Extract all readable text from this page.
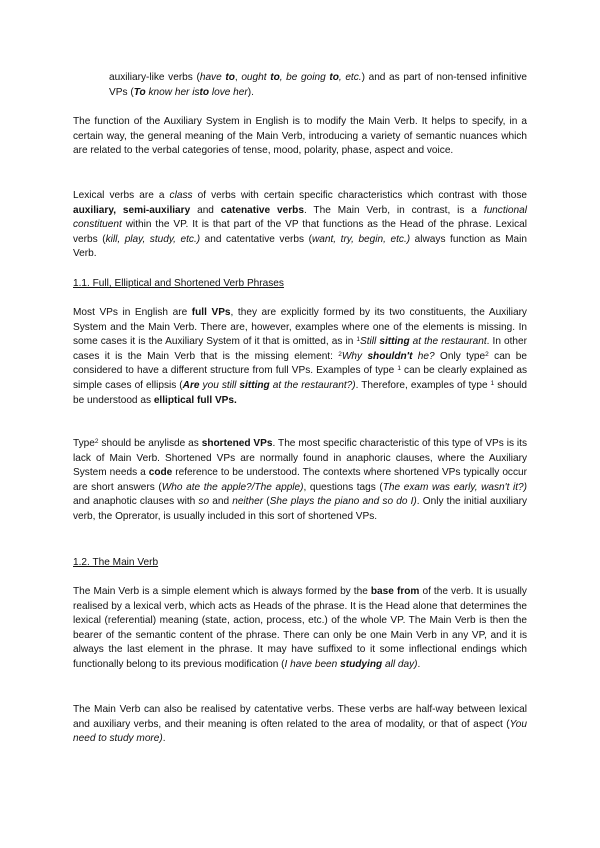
auxiliary-like verbs (have to, ought to, be going to, etc.) and as part of non-tensed infinitive VPs (To know her isto love her).

The function of the Auxiliary System in English is to modify the Main Verb. It helps to specify, in a certain way, the general meaning of the Main Verb, introducing a variety of semantic nuances which are related to the verbal categories of tense, mood, polarity, phase, aspect and voice.

Lexical verbs are a class of verbs with certain specific characteristics which contrast with those auxiliary, semi-auxiliary and catenative verbs. The Main Verb, in contrast, is a functional constituent within the VP. It is that part of the VP that functions as the Head of the phrase. Lexical verbs (kill, play, study, etc.) and catentative verbs (want, try, begin, etc.) always function as Main Verb.

1.1. Full, Elliptical and Shortened Verb Phrases

Most VPs in English are full VPs, they are explicitly formed by its two constituents, the Auxiliary System and the Main Verb. There are, however, examples where one of the elements is missing. In some cases it is the Auxiliary System of it that is omitted, as in $^1$Still sitting at the restaurant. In other cases it is the Main Verb that is the missing element: $^2$Why shouldn't he? Only type$^2$ can be considered to have a different structure from full VPs. Examples of type $^1$ can be clearly explained as simple cases of ellipsis (Are you still sitting at the restaurant?). Therefore, examples of type $^1$ should be understood as elliptical full VPs.

Type$^2$ should be anylisde as shortened VPs. The most specific characteristic of this type of VPs is its lack of Main Verb. Shortened VPs are normally found in anaphoric clauses, where the Auxiliary System needs a code reference to be understood. The contexts where shortened VPs typically occur are short answers (Who ate the apple?/The apple), questions tags (The exam was early, wasn't it?) and anaphotic clauses with so and neither (She plays the piano and so do I). Only the initial auxiliary verb, the Oprerator, is usually included in this sort of shortened VPs.

1.2. The Main Verb

The Main Verb is a simple element which is always formed by the base from of the verb. It is usually realised by a lexical verb, which acts as Heads of the phrase. It is the Head alone that determines the lexical (referential) meaning (state, action, process, etc.) of the whole VP. The Main Verb is then the bearer of the semantic content of the phrase. There can only be one Main Verb in any VP, and it is always the last element in the phrase. It may have suffixed to it some inflectional endings which functionally belong to its previous modification (I have been studying all day).

The Main Verb can also be realised by catentative verbs. These verbs are half-way between lexical and auxiliary verbs, and their meaning is often related to the area of modality, or that of aspect (You need to study more).
